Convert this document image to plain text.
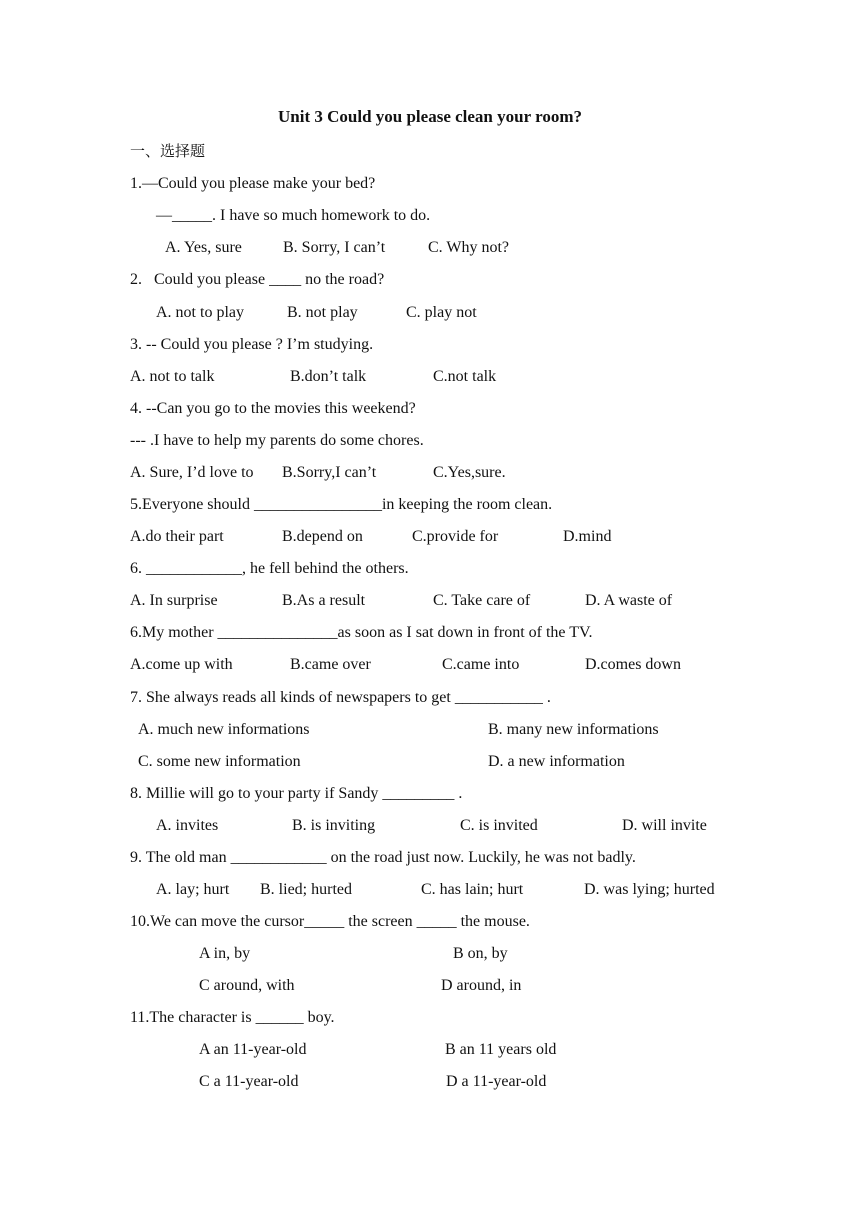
Unit 3 Could you please clean your room?
一、选择题
1.—Could you please make your bed?
—_____. I have so much homework to do.
A. Yes, sure	B. Sorry, I can’t	C. Why not?
2.   Could you please ____ no the road?
A. not to play	B. not play	C. play not
3. -- Could you please ? I’m studying.
A. not to talk	B.don’t talk	C.not talk
4. --Can you go to the movies this weekend?
--- .I have to help my parents do some chores.
A. Sure, I’d love to B.Sorry,I can’t	C.Yes,sure.
5.Everyone should ________________in keeping the room clean.
A.do their part	B.depend on	C.provide for	D.mind
6. ____________, he fell behind the others.
A. In surprise	B.As a result	C. Take care of	D. A waste of
6.My mother _______________as soon as I sat down in front of the TV.
A.come up with	B.came over	C.came into	D.comes down
7. She always reads all kinds of newspapers to get ___________ .
A. much new informations	B. many new informations
C. some new information	D. a new information
8. Millie will go to your party if Sandy _________ .
A. invites	B. is inviting	C. is invited	D. will invite
9. The old man ____________ on the road just now. Luckily, he was not badly.
A. lay; hurt B. lied; hurted	C. has lain; hurt	D. was lying; hurted
10.We can move the cursor_____ the screen _____ the mouse.
A in, by	B on, by
C around, with	D around, in
11.The character is ______ boy.
A an 11-year-old	B an 11 years old
C a 11-year-old	D a 11-year-old
